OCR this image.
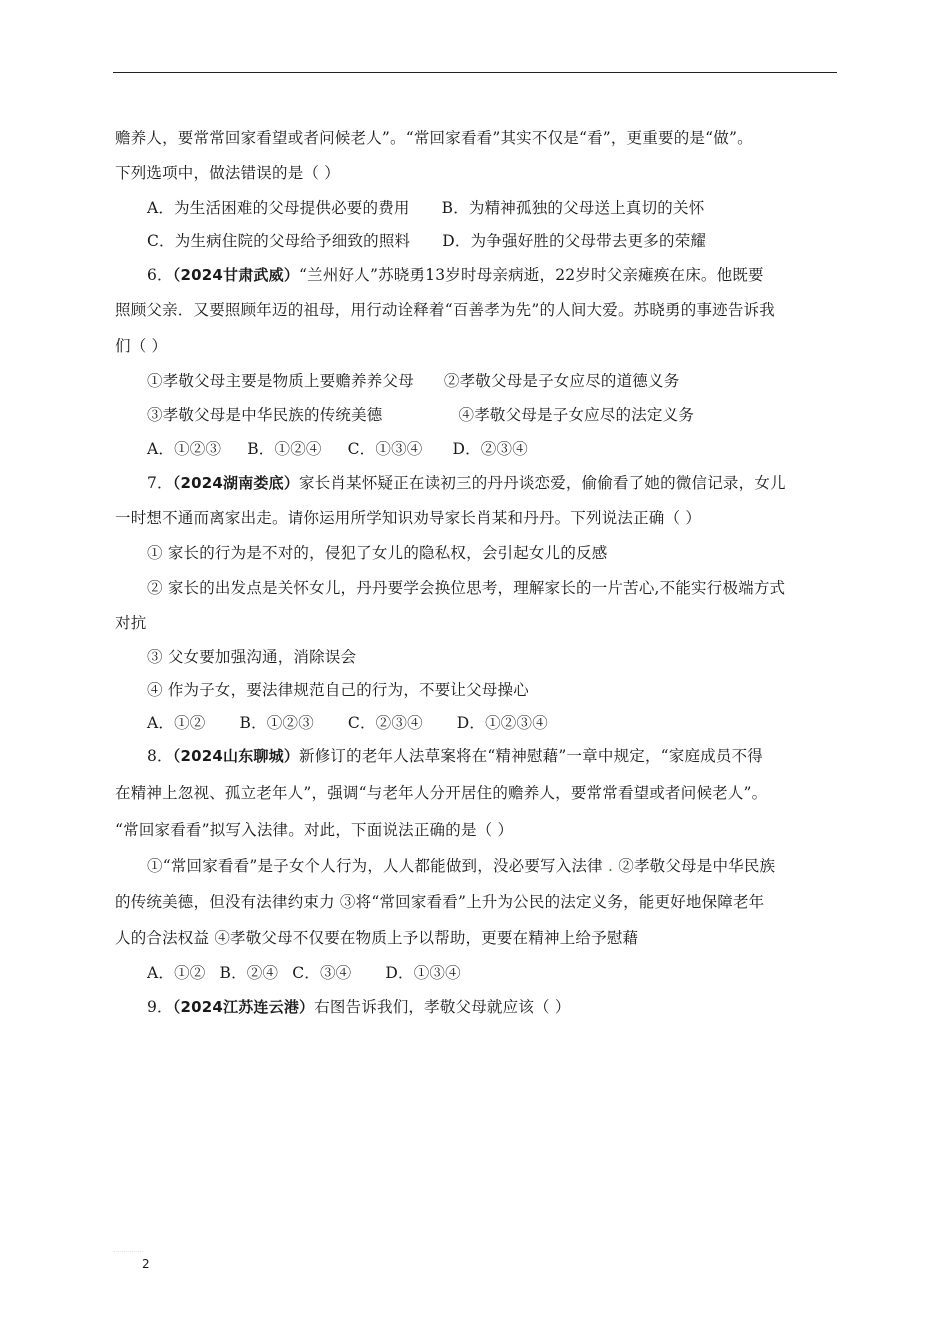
赡养人，要常常回家看望或者问候老人”。“常回家看看”其实不仅是“看”，更重要的是“做”。
下列选项中，做法错误的是（ ）
A．为生活困难的父母提供必要的费用 B．为精神孤独的父母送上真切的关怀
C．为生病住院的父母给予细致的照料 D．为争强好胜的父母带去更多的荣耀
6．（2024甘肃武威）“兰州好人”苏晓勇13岁时母亲病逝，22岁时父亲瘫痪在床。他既要
照顾父亲．又要照顾年迈的祖母，用行动诠释着“百善孝为先”的人间大爱。苏晓勇的事迹告诉我
们（ ）
①孝敬父母主要是物质上要赡养养父母 ②孝敬父母是子女应尽的道德义务
③孝敬父母是中华民族的传统美德	④孝敬父母是子女应尽的法定义务
A．①②③ B．①②④ C．①③④ D．②③④
7．（2024湖南娄底）家长肖某怀疑正在读初三的丹丹谈恋爱，偷偷看了她的微信记录，女儿
一时想不通而离家出走。请你运用所学知识劝导家长肖某和丹丹。下列说法正确（ ）
① 家长的行为是不对的，侵犯了女儿的隐私权，会引起女儿的反感
② 家长的出发点是关怀女儿，丹丹要学会换位思考，理解家长的一片苦心,不能实行极端方式
对抗
③ 父女要加强沟通，消除误会
④ 作为子女，要法律规范自己的行为，不要让父母操心
A．①② B．①②③ C．②③④ D．①②③④
8．（2024山东聊城）新修订的老年人法草案将在“精神慰藉”一章中规定，“家庭成员不得
在精神上忽视、孤立老年人”，强调“与老年人分开居住的赡养人，要常常看望或者问候老人”。
“常回家看看”拟写入法律。对此，下面说法正确的是（ ）
①“常回家看看”是子女个人行为，人人都能做到，没必要写入法律 . ②孝敬父母是中华民族
的传统美德，但没有法律约束力 ③将“常回家看看”上升为公民的法定义务，能更好地保障老年
人的合法权益 ④孝敬父母不仅要在物质上予以帮助，更要在精神上给予慰藉
A．①② B．②④ C．③④ D．①③④
9．（2024江苏连云港）右图告诉我们，孝敬父母就应该（ ）
2
